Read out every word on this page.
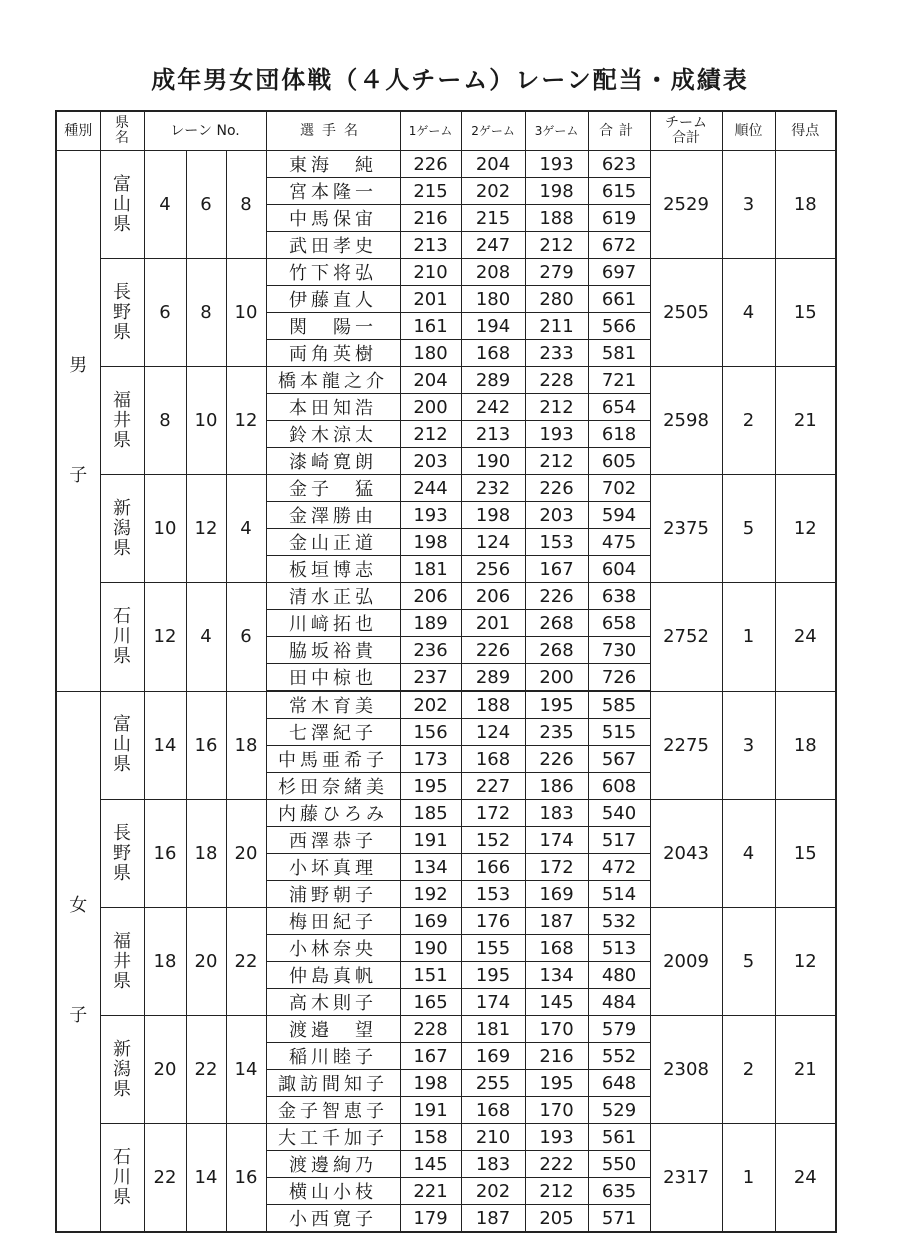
成年男女団体戦（４人チーム）レーン配当・成績表
種別	県名	レーン No.			選手名	1ゲーム	2ゲーム	3ゲーム	合計	チーム合計	順位	得点
男子	富山県	4	6	8	東海　純	226	204	193	623	2529	3	18
					宮本隆一	215	202	198	615			
					中馬保宙	216	215	188	619			
					武田孝史	213	247	212	672			
	長野県	6	8	10	竹下将弘	210	208	279	697	2505	4	15
					伊藤直人	201	180	280	661			
					関　陽一	161	194	211	566			
					両角英樹	180	168	233	581			
	福井県	8	10	12	橋本龍之介	204	289	228	721	2598	2	21
					本田知浩	200	242	212	654			
					鈴木涼太	212	213	193	618			
					漆崎寛朗	203	190	212	605			
	新潟県	10	12	4	金子　猛	244	232	226	702	2375	5	12
					金澤勝由	193	198	203	594			
					金山正道	198	124	153	475			
					板垣博志	181	256	167	604			
	石川県	12	4	6	清水正弘	206	206	226	638	2752	1	24
					川﨑拓也	189	201	268	658			
					脇坂裕貴	236	226	268	730			
					田中椋也	237	289	200	726			
女子	富山県	14	16	18	常木育美	202	188	195	585	2275	3	18
					七澤紀子	156	124	235	515			
					中馬亜希子	173	168	226	567			
					杉田奈緒美	195	227	186	608			
	長野県	16	18	20	内藤ひろみ	185	172	183	540	2043	4	15
					西澤恭子	191	152	174	517			
					小坏真理	134	166	172	472			
					浦野朝子	192	153	169	514			
	福井県	18	20	22	梅田紀子	169	176	187	532	2009	5	12
					小林奈央	190	155	168	513			
					仲島真帆	151	195	134	480			
					高木則子	165	174	145	484			
	新潟県	20	22	14	渡邉　望	228	181	170	579	2308	2	21
					稲川睦子	167	169	216	552			
					諏訪間知子	198	255	195	648			
					金子智恵子	191	168	170	529			
	石川県	22	14	16	大工千加子	158	210	193	561	2317	1	24
					渡邊絢乃	145	183	222	550			
					横山小枝	221	202	212	635			
					小西寛子	179	187	205	571			
